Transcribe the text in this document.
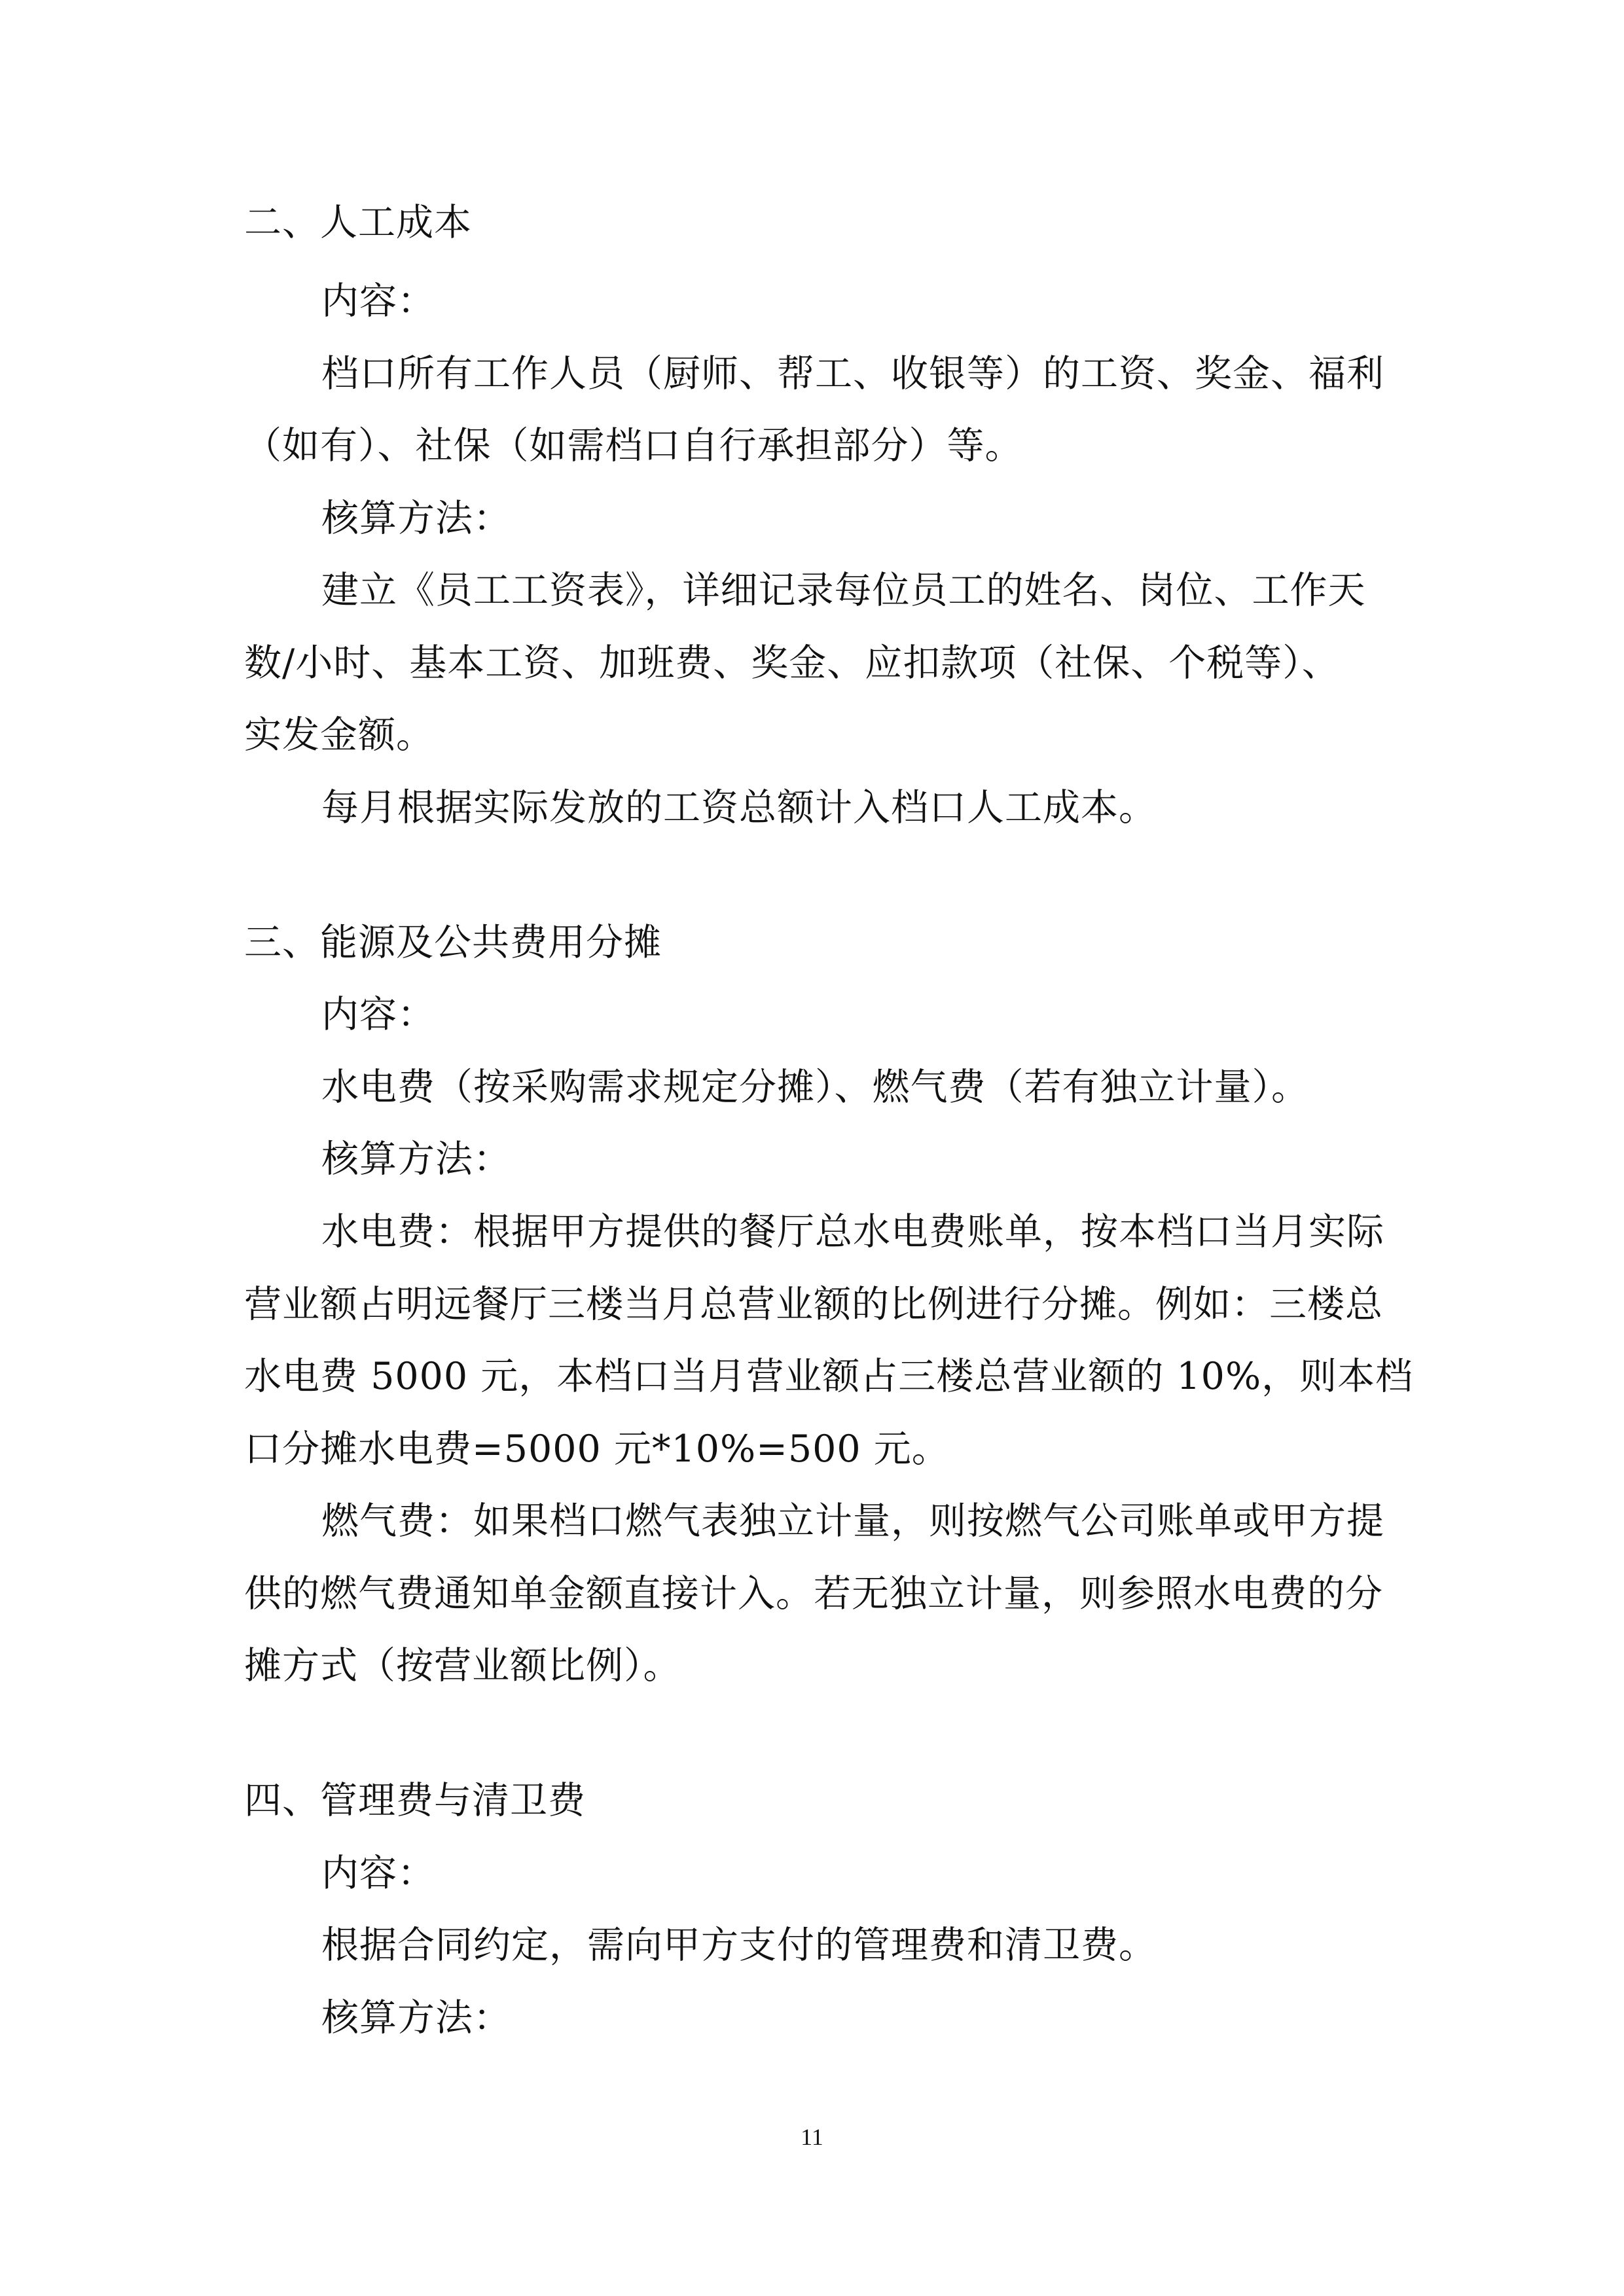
二、人工成本

内容：

档口所有工作人员（厨师、帮工、收银等）的工资、奖金、福利

（如有）、社保（如需档口自行承担部分）等。

核算方法：

建立《员工工资表》，详细记录每位员工的姓名、岗位、工作天

数/小时、基本工资、加班费、奖金、应扣款项（社保、个税等）、

实发金额。

每月根据实际发放的工资总额计入档口人工成本。

三、能源及公共费用分摊

内容：

水电费（按采购需求规定分摊）、燃气费（若有独立计量）。

核算方法：

水电费：根据甲方提供的餐厅总水电费账单，按本档口当月实际

营业额占明远餐厅三楼当月总营业额的比例进行分摊。例如：三楼总

水电费 5000 元，本档口当月营业额占三楼总营业额的 10%，则本档

口分摊水电费=5000 元*10%=500 元。

燃气费：如果档口燃气表独立计量，则按燃气公司账单或甲方提

供的燃气费通知单金额直接计入。若无独立计量，则参照水电费的分

摊方式（按营业额比例）。

四、管理费与清卫费

内容：

根据合同约定，需向甲方支付的管理费和清卫费。

核算方法：

11
